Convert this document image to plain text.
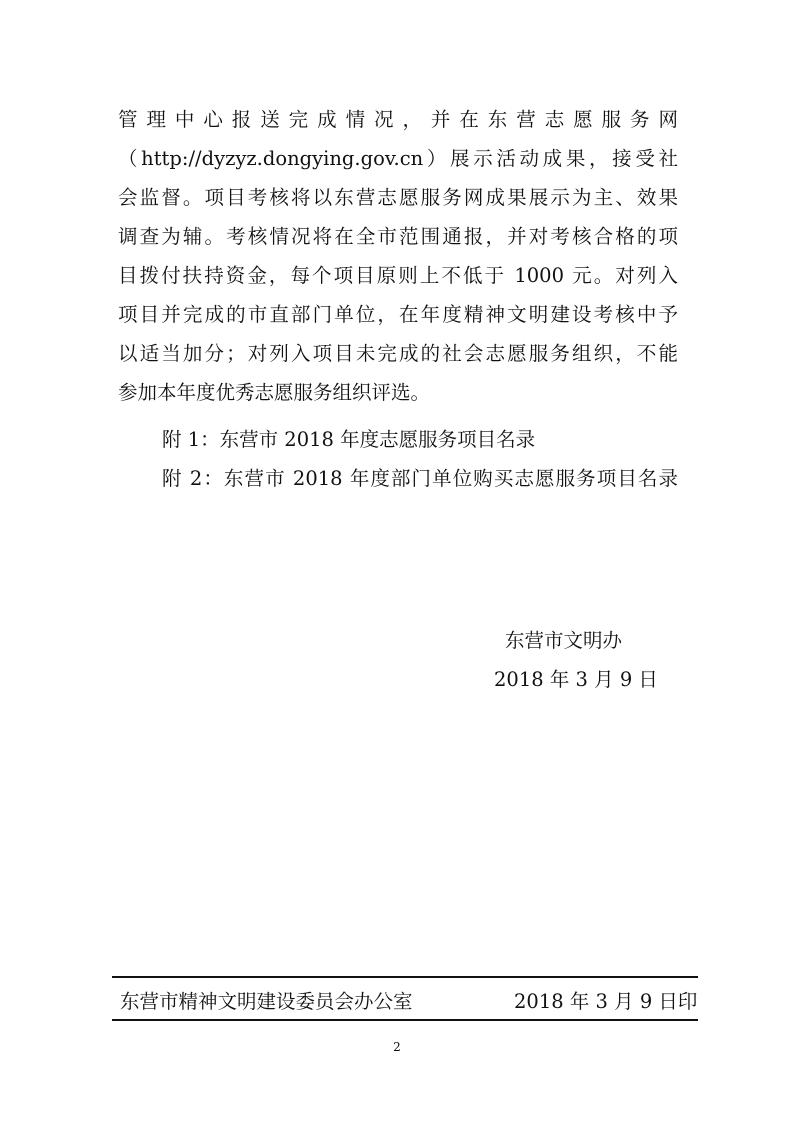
管理中心报送完成情况，并在东营志愿服务网
（http://dyzyz.dongying.gov.cn）展示活动成果，接受社
会监督。项目考核将以东营志愿服务网成果展示为主、效果
调查为辅。考核情况将在全市范围通报，并对考核合格的项
目拨付扶持资金，每个项目原则上不低于 1000 元。对列入
项目并完成的市直部门单位，在年度精神文明建设考核中予
以适当加分；对列入项目未完成的社会志愿服务组织，不能
参加本年度优秀志愿服务组织评选。
附 1：东营市 2018 年度志愿服务项目名录
附 2：东营市 2018 年度部门单位购买志愿服务项目名录
东营市文明办
2018 年 3 月 9 日
东营市精神文明建设委员会办公室	2018 年 3 月 9 日印
2
